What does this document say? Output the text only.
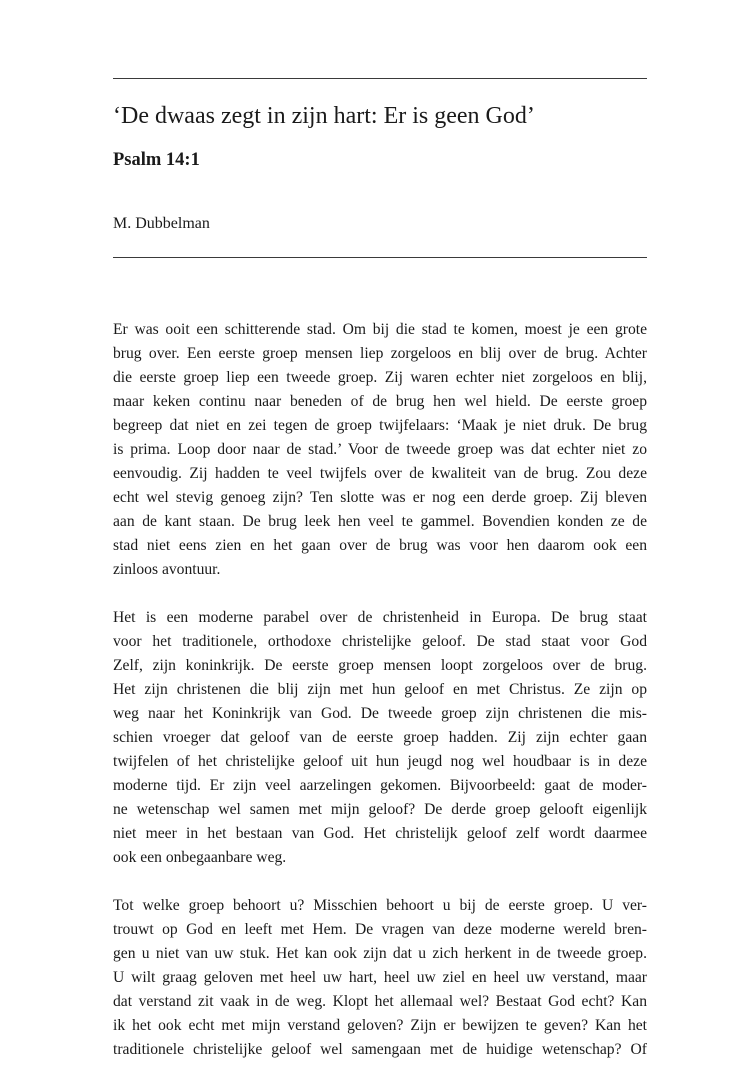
‘De dwaas zegt in zijn hart: Er is geen God’
Psalm 14:1

M. Dubbelman

Er was ooit een schitterende stad. Om bij die stad te komen, moest je een grote
brug over. Een eerste groep mensen liep zorgeloos en blij over de brug. Achter
die eerste groep liep een tweede groep. Zij waren echter niet zorgeloos en blij,
maar keken continu naar beneden of de brug hen wel hield. De eerste groep
begreep dat niet en zei tegen de groep twijfelaars: ‘Maak je niet druk. De brug
is prima. Loop door naar de stad.’ Voor de tweede groep was dat echter niet zo
eenvoudig. Zij hadden te veel twijfels over de kwaliteit van de brug. Zou deze
echt wel stevig genoeg zijn? Ten slotte was er nog een derde groep. Zij bleven
aan de kant staan. De brug leek hen veel te gammel. Bovendien konden ze de
stad niet eens zien en het gaan over de brug was voor hen daarom ook een
zinloos avontuur.

Het is een moderne parabel over de christenheid in Europa. De brug staat
voor het traditionele, orthodoxe christelijke geloof. De stad staat voor God
Zelf, zijn koninkrijk. De eerste groep mensen loopt zorgeloos over de brug.
Het zijn christenen die blij zijn met hun geloof en met Christus. Ze zijn op
weg naar het Koninkrijk van God. De tweede groep zijn christenen die mis-
schien vroeger dat geloof van de eerste groep hadden. Zij zijn echter gaan
twijfelen of het christelijke geloof uit hun jeugd nog wel houdbaar is in deze
moderne tijd. Er zijn veel aarzelingen gekomen. Bijvoorbeeld: gaat de moder-
ne wetenschap wel samen met mijn geloof? De derde groep gelooft eigenlijk
niet meer in het bestaan van God. Het christelijk geloof zelf wordt daarmee
ook een onbegaanbare weg.

Tot welke groep behoort u? Misschien behoort u bij de eerste groep. U ver-
trouwt op God en leeft met Hem. De vragen van deze moderne wereld bren-
gen u niet van uw stuk. Het kan ook zijn dat u zich herkent in de tweede groep.
U wilt graag geloven met heel uw hart, heel uw ziel en heel uw verstand, maar
dat verstand zit vaak in de weg. Klopt het allemaal wel? Bestaat God echt? Kan
ik het ook echt met mijn verstand geloven? Zijn er bewijzen te geven? Kan het
traditionele christelijke geloof wel samengaan met de huidige wetenschap? Of
